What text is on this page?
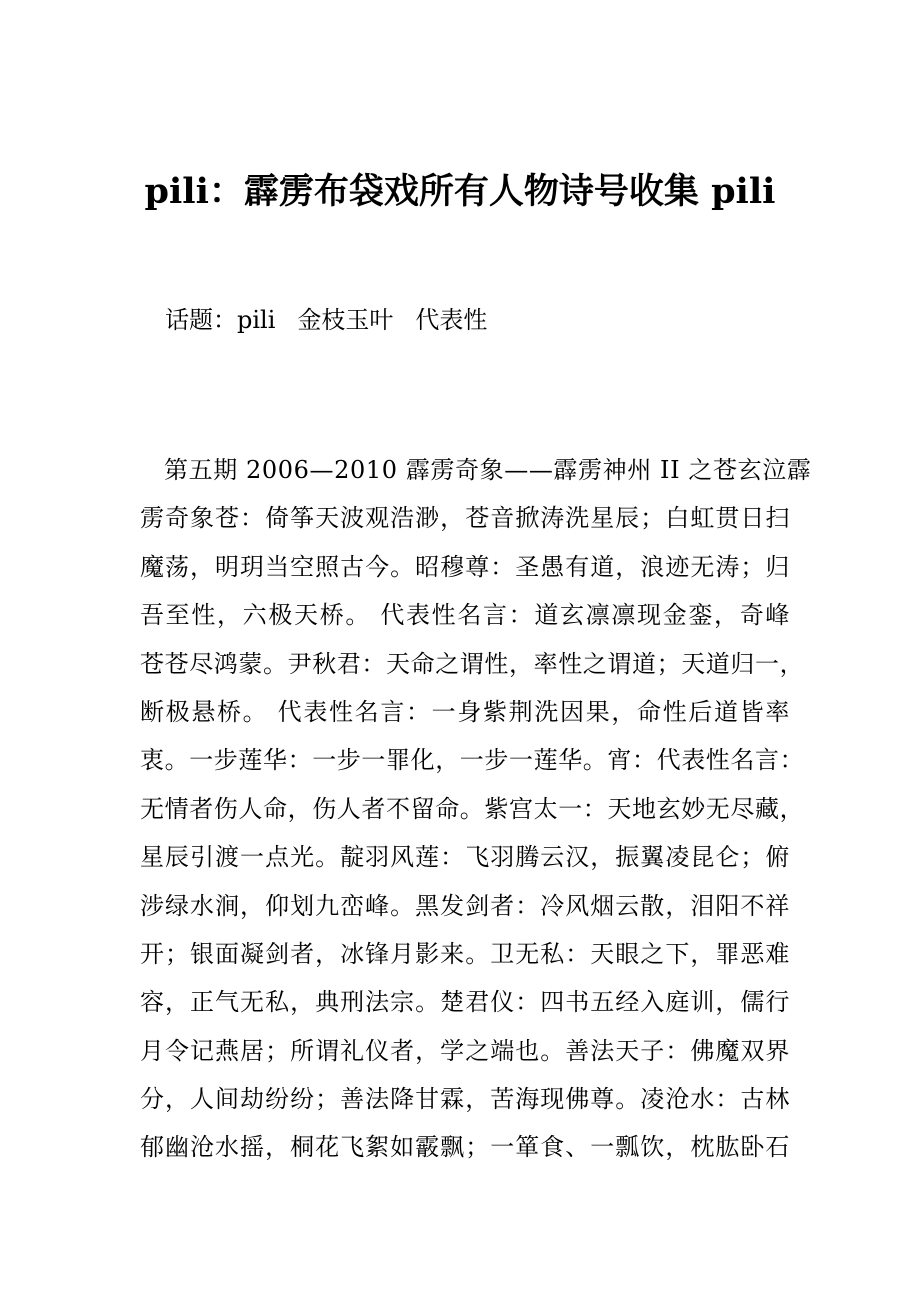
pili：霹雳布袋戏所有人物诗号收集 pili
话题：pili 金枝玉叶 代表性
第五期 2006—2010 霹雳奇象——霹雳神州 II 之苍玄泣霹
雳奇象苍：倚筝天波观浩渺，苍音掀涛洗星辰；白虹贯日扫
魔荡，明玥当空照古今。昭穆尊：圣愚有道，浪迹无涛；归
吾至性，六极天桥。 代表性名言：道玄凛凛现金銮，奇峰
苍苍尽鸿蒙。尹秋君：天命之谓性，率性之谓道；天道归一，
断极悬桥。 代表性名言：一身紫荆洗因果，命性后道皆率
衷。一步莲华：一步一罪化，一步一莲华。宵：代表性名言：
无情者伤人命，伤人者不留命。紫宫太一：天地玄妙无尽藏，
星辰引渡一点光。靛羽风莲：飞羽腾云汉，振翼凌昆仑；俯
涉绿水涧，仰划九峦峰。黑发剑者：冷风烟云散，泪阳不祥
开；银面凝剑者，冰锋月影来。卫无私：天眼之下，罪恶难
容，正气无私，典刑法宗。楚君仪：四书五经入庭训，儒行
月令记燕居；所谓礼仪者，学之端也。善法天子：佛魔双界
分，人间劫纷纷；善法降甘霖，苦海现佛尊。凌沧水：古林
郁幽沧水摇，桐花飞絮如霰飘；一箪食、一瓢饮，枕肱卧石
